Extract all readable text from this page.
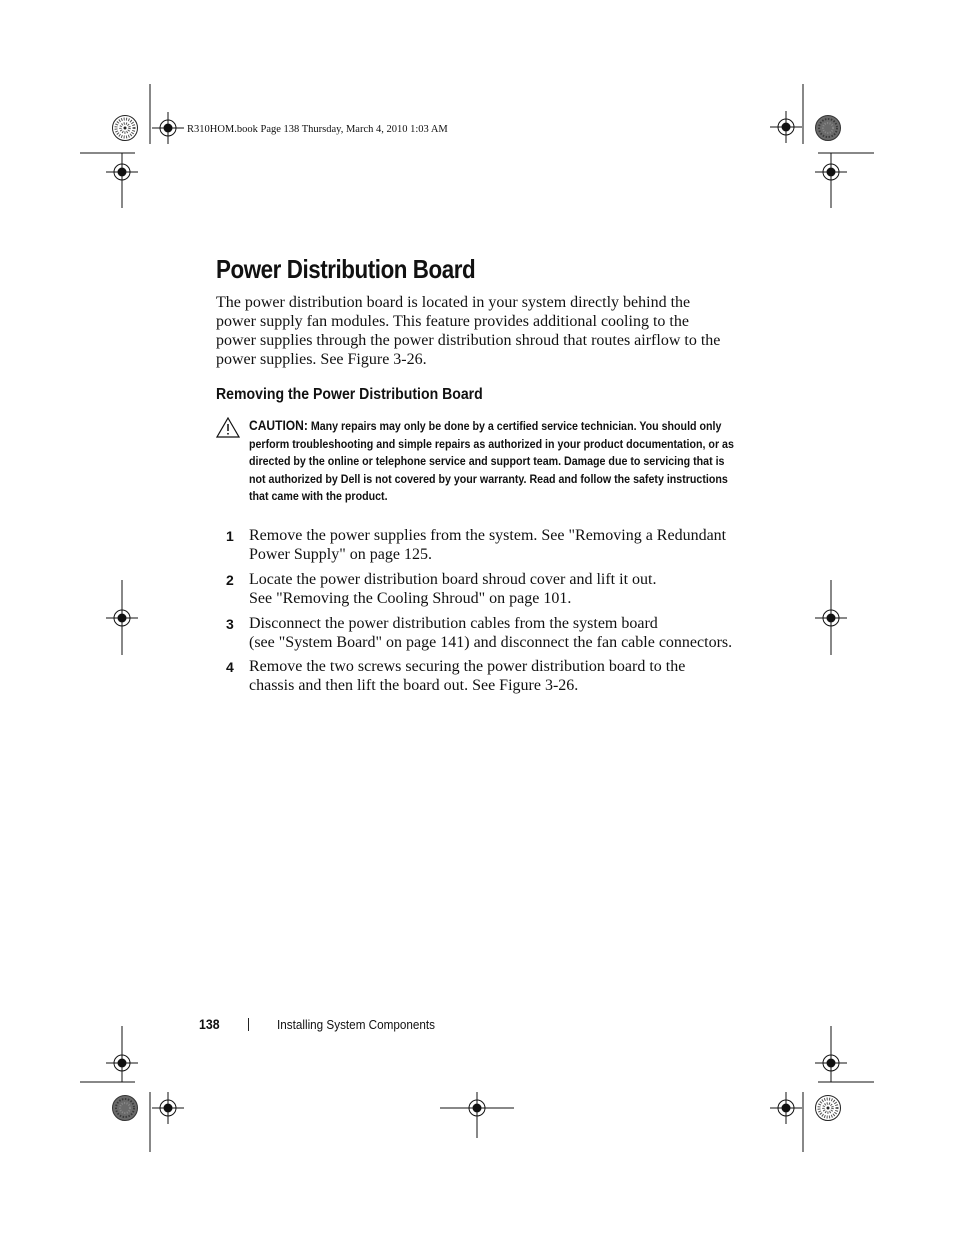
R310HOM.book Page 138 Thursday, March 4, 2010 1:03 AM
Power Distribution Board

The power distribution board is located in your system directly behind the power supply fan modules. This feature provides additional cooling to the power supplies through the power distribution shroud that routes airflow to the power supplies. See Figure 3-26.

Removing the Power Distribution Board
CAUTION: Many repairs may only be done by a certified service technician. You should only perform troubleshooting and simple repairs as authorized in your product documentation, or as directed by the online or telephone service and support team. Damage due to servicing that is not authorized by Dell is not covered by your warranty. Read and follow the safety instructions that came with the product.
1 Remove the power supplies from the system. See "Removing a Redundant Power Supply" on page 125.
2 Locate the power distribution board shroud cover and lift it out.
See "Removing the Cooling Shroud" on page 101.
3 Disconnect the power distribution cables from the system board
(see "System Board" on page 141) and disconnect the fan cable connectors.
4 Remove the two screws securing the power distribution board to the chassis and then lift the board out. See Figure 3-26.
138	Installing System Components
